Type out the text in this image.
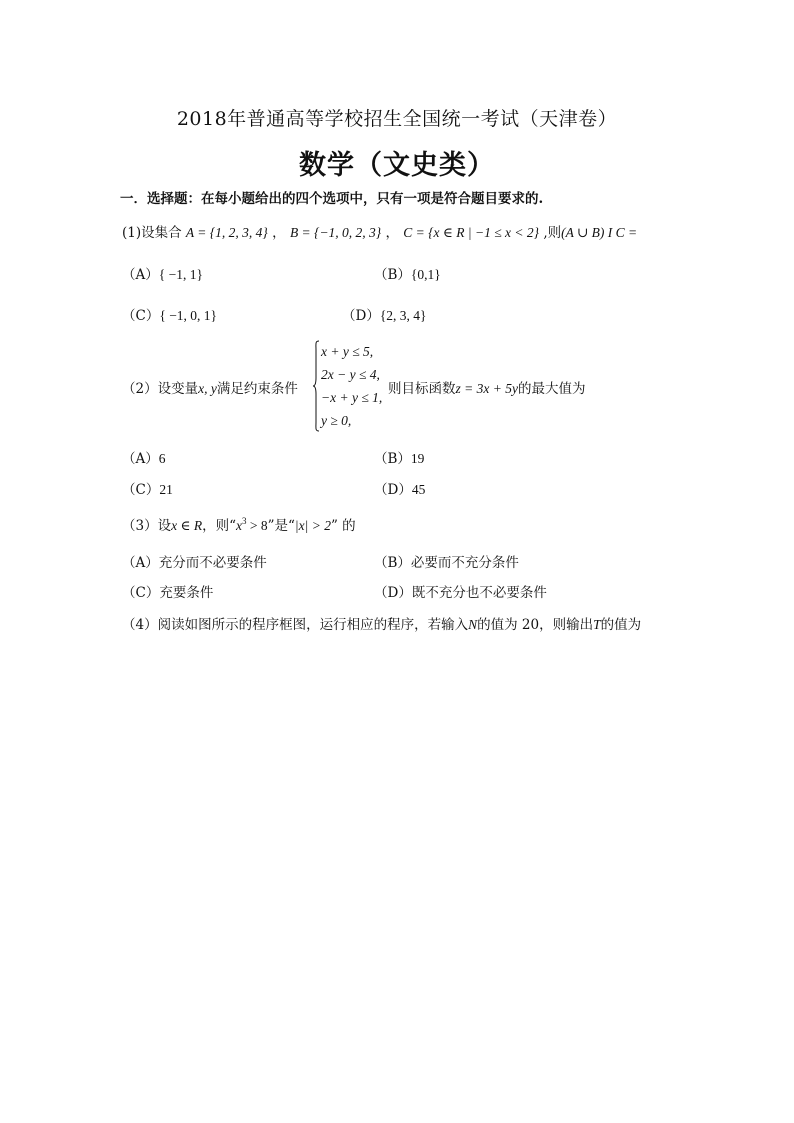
2018年普通高等学校招生全国统一考试（天津卷）
数学（文史类）
一．选择题：在每小题给出的四个选项中，只有一项是符合题目要求的.
(1)设集合 A = {1, 2, 3, 4} ， B = {−1, 0, 2, 3} ， C = {x ∈ R | −1 ≤ x < 2} ,则(A ∪ B) I C =
（A）{ −1, 1}	（B）{0,1}
（C）{ −1, 0, 1}	（D）{2, 3, 4}
（2）设变量x, y满足约束条件
x + y ≤ 5,
2x − y ≤ 4,
−x + y ≤ 1,
y ≥ 0,
则目标函数z = 3x + 5y的最大值为
（A）6	（B）19
（C）21	（D）45
（3）设x ∈ R，则“$x^3 > 8$”是“|x| > 2” 的
（A）充分而不必要条件	（B）必要而不充分条件
（C）充要条件	（D）既不充分也不必要条件
（4）阅读如图所示的程序框图，运行相应的程序，若输入N的值为 20，则输出T的值为
